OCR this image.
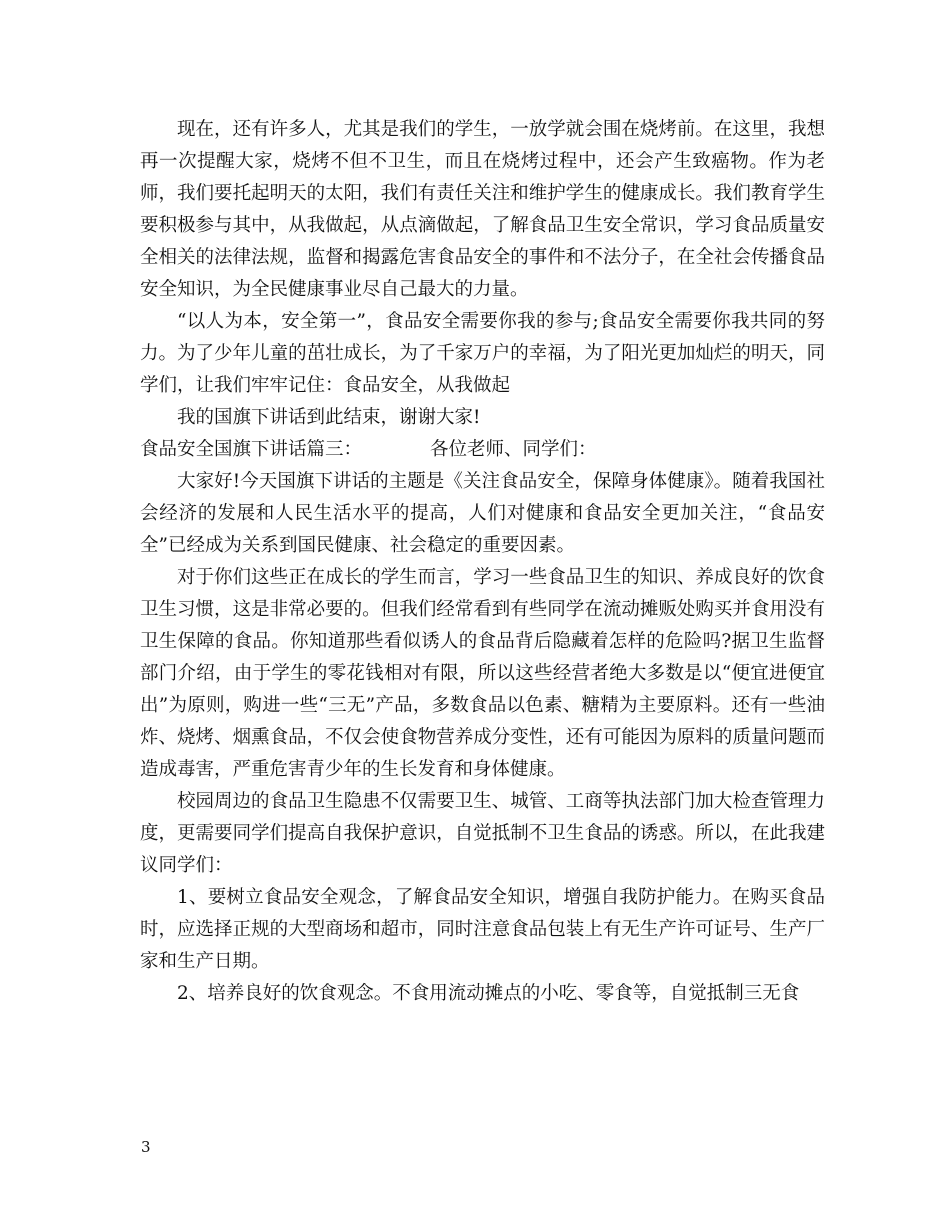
现在，还有许多人，尤其是我们的学生，一放学就会围在烧烤前。在这里，我想再一次提醒大家，烧烤不但不卫生，而且在烧烤过程中，还会产生致癌物。作为老师，我们要托起明天的太阳，我们有责任关注和维护学生的健康成长。我们教育学生要积极参与其中，从我做起，从点滴做起，了解食品卫生安全常识，学习食品质量安全相关的法律法规，监督和揭露危害食品安全的事件和不法分子，在全社会传播食品安全知识，为全民健康事业尽自己最大的力量。

“以人为本，安全第一”，食品安全需要你我的参与;食品安全需要你我共同的努力。为了少年儿童的茁壮成长，为了千家万户的幸福，为了阳光更加灿烂的明天，同学们，让我们牢牢记住：食品安全，从我做起

我的国旗下讲话到此结束，谢谢大家!

食品安全国旗下讲话篇三：	各位老师、同学们：

大家好!今天国旗下讲话的主题是《关注食品安全，保障身体健康》。随着我国社会经济的发展和人民生活水平的提高，人们对健康和食品安全更加关注，“食品安全”已经成为关系到国民健康、社会稳定的重要因素。

对于你们这些正在成长的学生而言，学习一些食品卫生的知识、养成良好的饮食卫生习惯，这是非常必要的。但我们经常看到有些同学在流动摊贩处购买并食用没有卫生保障的食品。你知道那些看似诱人的食品背后隐藏着怎样的危险吗?据卫生监督部门介绍，由于学生的零花钱相对有限，所以这些经营者绝大多数是以“便宜进便宜出”为原则，购进一些“三无”产品，多数食品以色素、糖精为主要原料。还有一些油炸、烧烤、烟熏食品，不仅会使食物营养成分变性，还有可能因为原料的质量问题而造成毒害，严重危害青少年的生长发育和身体健康。

校园周边的食品卫生隐患不仅需要卫生、城管、工商等执法部门加大检查管理力度，更需要同学们提高自我保护意识，自觉抵制不卫生食品的诱惑。所以，在此我建议同学们：

1、要树立食品安全观念，了解食品安全知识，增强自我防护能力。在购买食品时，应选择正规的大型商场和超市，同时注意食品包装上有无生产许可证号、生产厂家和生产日期。

2、培养良好的饮食观念。不食用流动摊点的小吃、零食等，自觉抵制三无食

3
